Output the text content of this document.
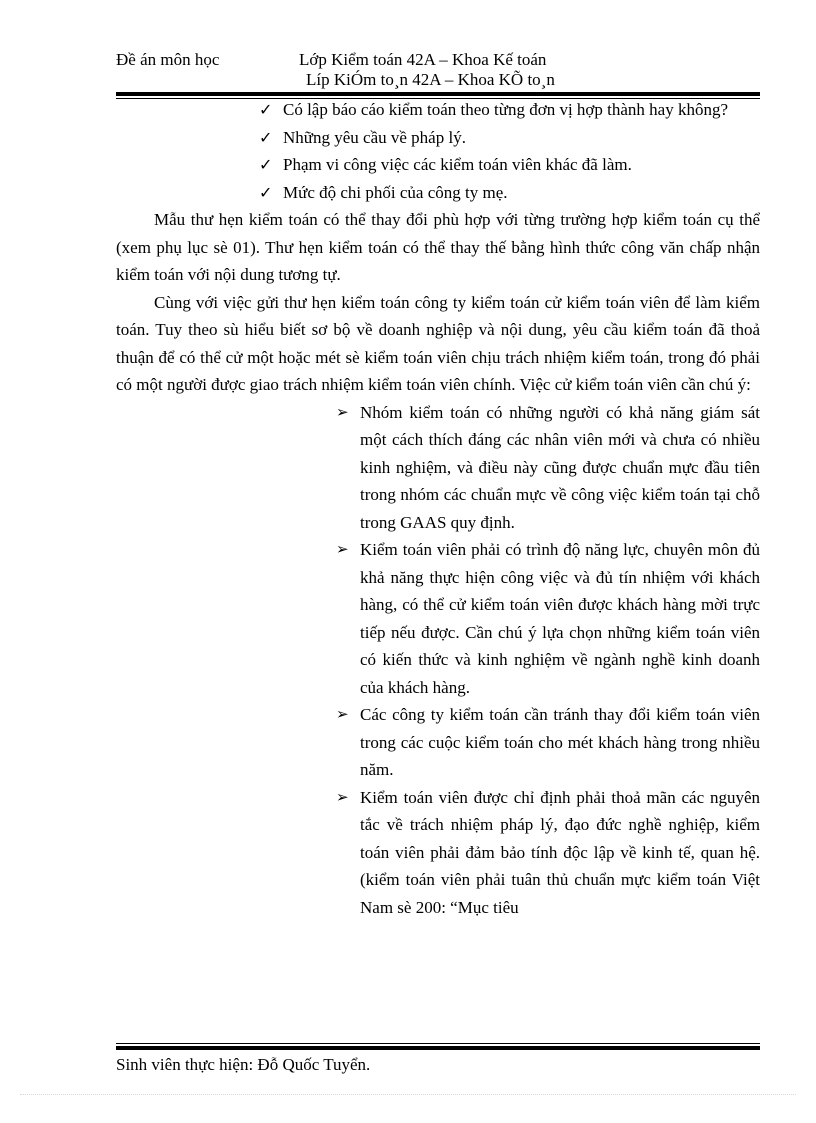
Đề án môn học	Lớp Kiểm toán 42A – Khoa Kế toán
Líp KiÓm to¸n 42A – Khoa KÕ to¸n
✓ Có lập báo cáo kiểm toán theo từng đơn vị hợp thành hay không?
✓ Những yêu cầu về pháp lý.
✓ Phạm vi công việc các kiểm toán viên khác đã làm.
✓ Mức độ chi phối của công ty mẹ.

Mẫu thư hẹn kiểm toán có thể thay đổi phù hợp với từng trường hợp kiểm toán cụ thể (xem phụ lục sè 01). Thư hẹn kiểm toán có thể thay thế bằng hình thức công văn chấp nhận kiểm toán với nội dung tương tự.

Cùng với việc gửi thư hẹn kiểm toán công ty kiểm toán cử kiểm toán viên để làm kiểm toán. Tuy theo sù hiểu biết sơ bộ về doanh nghiệp và nội dung, yêu cầu kiểm toán đã thoả thuận để có thể cử một hoặc mét sè kiểm toán viên chịu trách nhiệm kiểm toán, trong đó phải có một người được giao trách nhiệm kiểm toán viên chính. Việc cử kiểm toán viên cần chú ý:

➢ Nhóm kiểm toán có những người có khả năng giám sát một cách thích đáng các nhân viên mới và chưa có nhiều kinh nghiệm, và điều này cũng được chuẩn mực đầu tiên trong nhóm các chuẩn mực về công việc kiểm toán tại chỗ trong GAAS quy định.
➢ Kiểm toán viên phải có trình độ năng lực, chuyên môn đủ khả năng thực hiện công việc và đủ tín nhiệm với khách hàng, có thể cử kiểm toán viên được khách hàng mời trực tiếp nếu được. Cần chú ý lựa chọn những kiểm toán viên có kiến thức và kinh nghiệm về ngành nghề kinh doanh của khách hàng.
➢ Các công ty kiểm toán cần tránh thay đổi kiểm toán viên trong các cuộc kiểm toán cho mét khách hàng trong nhiều năm.
➢ Kiểm toán viên được chỉ định phải thoả mãn các nguyên tắc về trách nhiệm pháp lý, đạo đức nghề nghiệp, kiểm toán viên phải đảm bảo tính độc lập về kinh tế, quan hệ. (kiểm toán viên phải tuân thủ chuẩn mực kiểm toán Việt Nam sè 200: “Mục tiêu
Sinh viên thực hiện: Đỗ Quốc Tuyển.
